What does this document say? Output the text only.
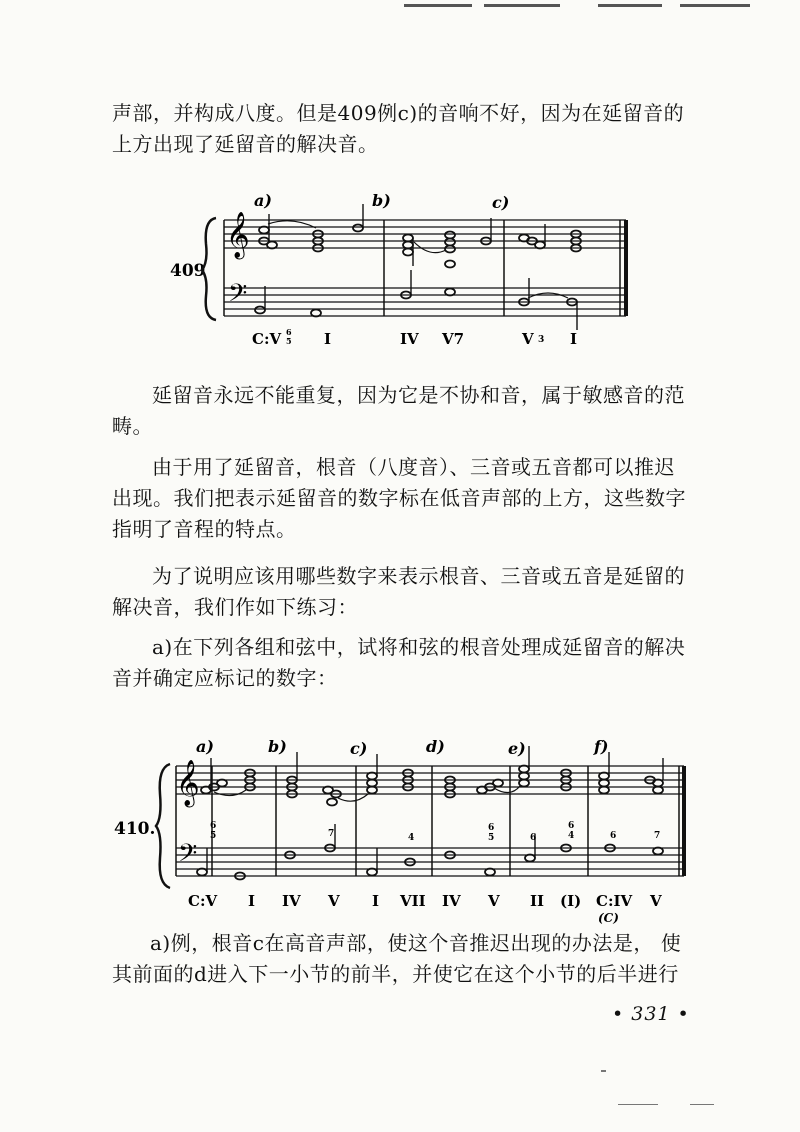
声部，并构成八度。但是409例c)的音响不好，因为在延留音的上方出现了延留音的解决音。

409
𝄞
𝄢
a)	b)	c)
C:V 6
5 I	IV V7	V 3 I

延留音永远不能重复，因为它是不协和音，属于敏感音的范畴。

由于用了延留音，根音（八度音）、三音或五音都可以推迟出现。我们把表示延留音的数字标在低音声部的上方，这些数字指明了音程的特点。

为了说明应该用哪些数字来表示根音、三音或五音是延留的解决音，我们作如下练习：

a)在下列各组和弦中，试将和弦的根音处理成延留音的解决音并确定应标记的数字：

410.
𝄞
𝄢
a)	b)	c)	d)	e)	f)
6
5	7	4
6
5	6
6
4	6	7
C:V I IV V I VII IV V II (I) C:IV V
(C)

a)例，根音c在高音声部，使这个音推迟出现的办法是， 使其前面的d进入下一小节的前半，并使它在这个小节的后半进行

• 331 •
